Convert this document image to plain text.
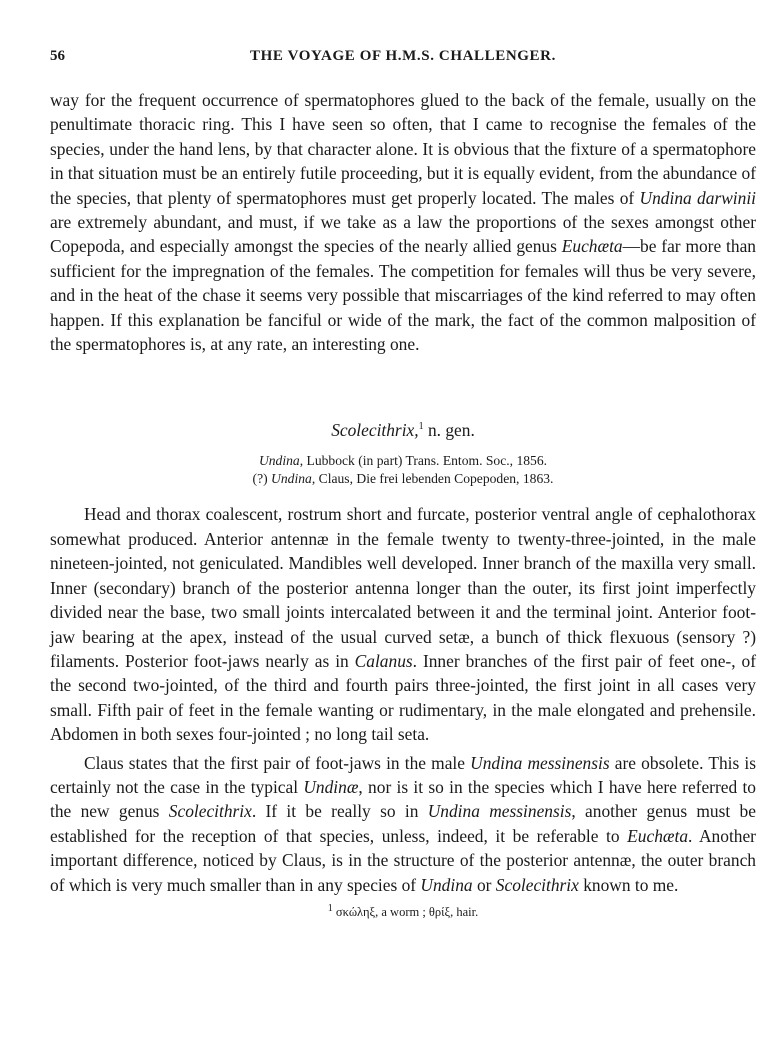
56	THE VOYAGE OF H.M.S. CHALLENGER.

way for the frequent occurrence of spermatophores glued to the back of the female, usually on the penultimate thoracic ring. This I have seen so often, that I came to recognise the females of the species, under the hand lens, by that character alone. It is obvious that the fixture of a spermatophore in that situation must be an entirely futile proceeding, but it is equally evident, from the abundance of the species, that plenty of spermatophores must get properly located. The males of Undina darwinii are extremely abundant, and must, if we take as a law the proportions of the sexes amongst other Copepoda, and especially amongst the species of the nearly allied genus Euchæta—be far more than sufficient for the impregnation of the females. The competition for females will thus be very severe, and in the heat of the chase it seems very possible that miscarriages of the kind referred to may often happen. If this explanation be fanciful or wide of the mark, the fact of the common malposition of the spermatophores is, at any rate, an interesting one.

Scolecithrix,$^1$ n. gen.
Undina, Lubbock (in part) Trans. Entom. Soc., 1856.
(?) Undina, Claus, Die frei lebenden Copepoden, 1863.

Head and thorax coalescent, rostrum short and furcate, posterior ventral angle of cephalothorax somewhat produced. Anterior antennæ in the female twenty to twenty-three-jointed, in the male nineteen-jointed, not geniculated. Mandibles well developed. Inner branch of the maxilla very small. Inner (secondary) branch of the posterior antenna longer than the outer, its first joint imperfectly divided near the base, two small joints intercalated between it and the terminal joint. Anterior foot-jaw bearing at the apex, instead of the usual curved setæ, a bunch of thick flexuous (sensory ?) filaments. Posterior foot-jaws nearly as in Calanus. Inner branches of the first pair of feet one-, of the second two-jointed, of the third and fourth pairs three-jointed, the first joint in all cases very small. Fifth pair of feet in the female wanting or rudimentary, in the male elongated and prehensile. Abdomen in both sexes four-jointed ; no long tail seta.

Claus states that the first pair of foot-jaws in the male Undina messinensis are obsolete. This is certainly not the case in the typical Undinæ, nor is it so in the species which I have here referred to the new genus Scolecithrix. If it be really so in Undina messinensis, another genus must be established for the reception of that species, unless, indeed, it be referable to Euchæta. Another important difference, noticed by Claus, is in the structure of the posterior antennæ, the outer branch of which is very much smaller than in any species of Undina or Scolecithrix known to me.

$^1$ σκώληξ, a worm ; θρίξ, hair.
